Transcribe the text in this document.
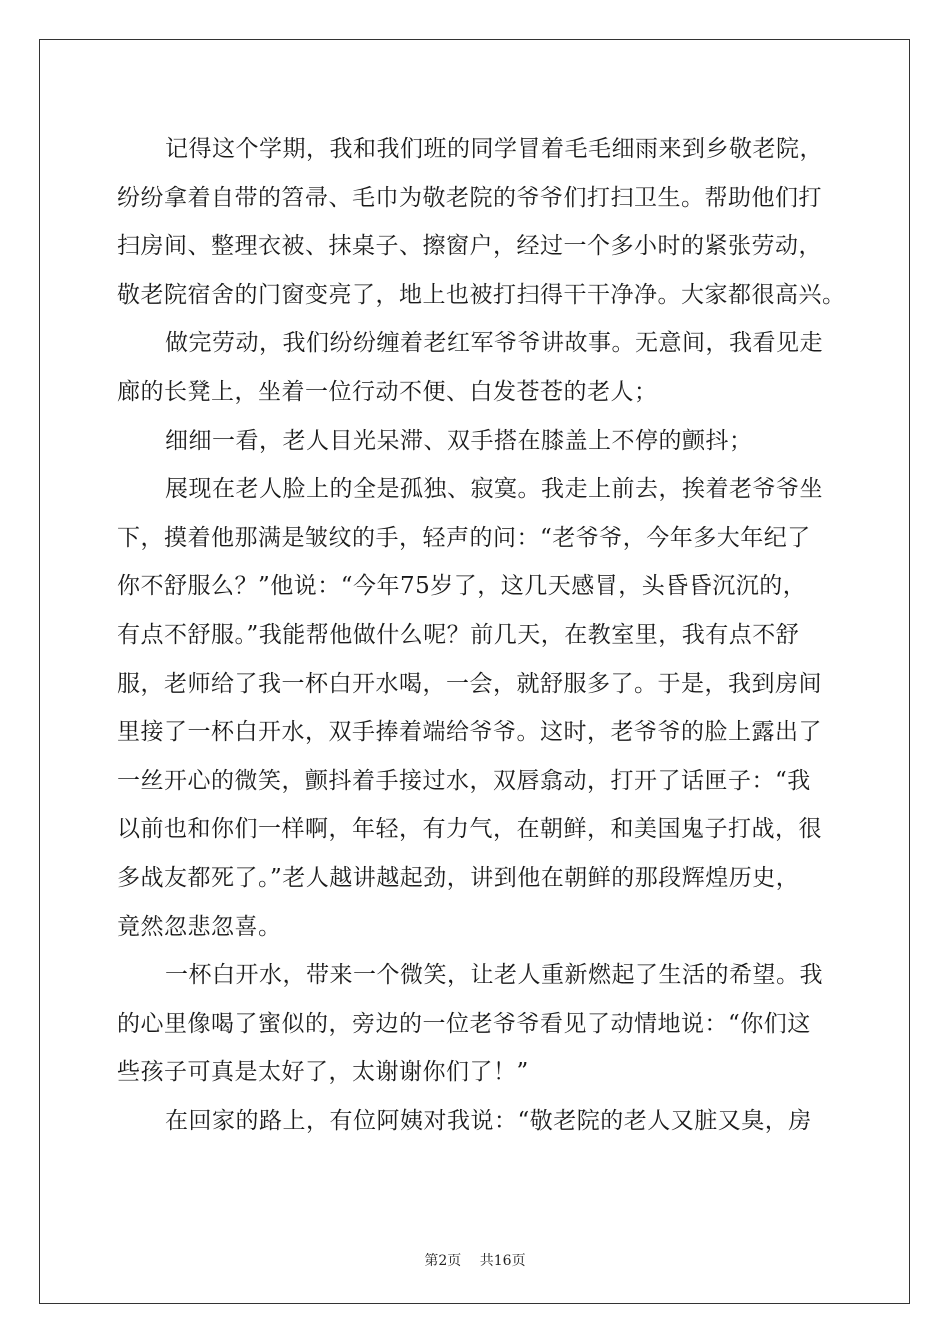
记得这个学期，我和我们班的同学冒着毛毛细雨来到乡敬老院，
纷纷拿着自带的笤帚、毛巾为敬老院的爷爷们打扫卫生。帮助他们打
扫房间、整理衣被、抹桌子、擦窗户，经过一个多小时的紧张劳动，
敬老院宿舍的门窗变亮了，地上也被打扫得干干净净。大家都很高兴。
做完劳动，我们纷纷缠着老红军爷爷讲故事。无意间，我看见走
廊的长凳上，坐着一位行动不便、白发苍苍的老人；
细细一看，老人目光呆滞、双手搭在膝盖上不停的颤抖；
展现在老人脸上的全是孤独、寂寞。我走上前去，挨着老爷爷坐
下，摸着他那满是皱纹的手，轻声的问：“老爷爷，今年多大年纪了
你不舒服么？”他说：“今年75岁了，这几天感冒，头昏昏沉沉的，
有点不舒服。”我能帮他做什么呢？前几天，在教室里，我有点不舒
服，老师给了我一杯白开水喝，一会，就舒服多了。于是，我到房间
里接了一杯白开水，双手捧着端给爷爷。这时，老爷爷的脸上露出了
一丝开心的微笑，颤抖着手接过水，双唇翕动，打开了话匣子：“我
以前也和你们一样啊，年轻，有力气，在朝鲜，和美国鬼子打战，很
多战友都死了。”老人越讲越起劲，讲到他在朝鲜的那段辉煌历史，
竟然忽悲忽喜。
一杯白开水，带来一个微笑，让老人重新燃起了生活的希望。我
的心里像喝了蜜似的，旁边的一位老爷爷看见了动情地说：“你们这
些孩子可真是太好了，太谢谢你们了！”
在回家的路上，有位阿姨对我说：“敬老院的老人又脏又臭，房
第2页 共16页
